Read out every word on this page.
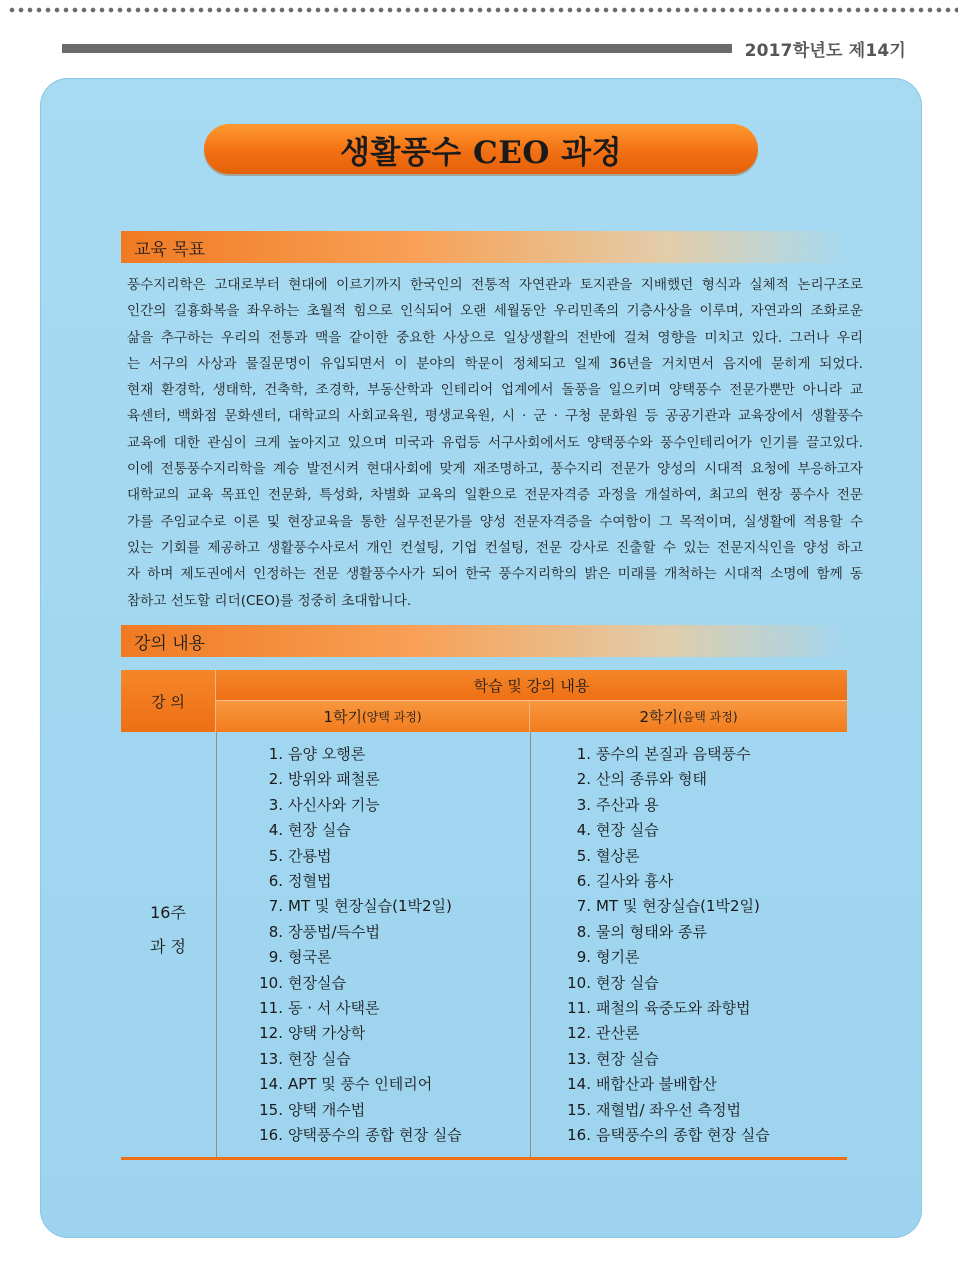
2017학년도 제14기
생활풍수 CEO 과정
교육 목표
풍수지리학은 고대로부터 현대에 이르기까지 한국인의 전통적 자연관과 토지관을 지배했던 형식과 실체적 논리구조로
인간의 길흉화복을 좌우하는 초월적 힘으로 인식되어 오랜 세월동안 우리민족의 기층사상을 이루며, 자연과의 조화로운
삶을 추구하는 우리의 전통과 맥을 같이한 중요한 사상으로 일상생활의 전반에 걸쳐 영향을 미치고 있다. 그러나 우리
는 서구의 사상과 물질문명이 유입되면서 이 분야의 학문이 정체되고 일제 36년을 거치면서 음지에 묻히게 되었다.
현재 환경학, 생태학, 건축학, 조경학, 부동산학과 인테리어 업계에서 돌풍을 일으키며 양택풍수 전문가뿐만 아니라 교
육센터, 백화점 문화센터, 대학교의 사회교육원, 평생교육원, 시 · 군 · 구청 문화원 등 공공기관과 교육장에서 생활풍수
교육에 대한 관심이 크게 높아지고 있으며 미국과 유럽등 서구사회에서도 양택풍수와 풍수인테리어가 인기를 끌고있다.
이에 전통풍수지리학을 계승 발전시켜 현대사회에 맞게 재조명하고, 풍수지리 전문가 양성의 시대적 요청에 부응하고자
대학교의 교육 목표인 전문화, 특성화, 차별화 교육의 일환으로 전문자격증 과정을 개설하여, 최고의 현장 풍수사 전문
가를 주임교수로 이론 및 현장교육을 통한 실무전문가를 양성 전문자격증을 수여함이 그 목적이며, 실생활에 적용할 수
있는 기회를 제공하고 생활풍수사로서 개인 컨설팅, 기업 컨설팅, 전문 강사로 진출할 수 있는 전문지식인을 양성 하고
자 하며 제도권에서 인정하는 전문 생활풍수사가 되어 한국 풍수지리학의 밝은 미래를 개척하는 시대적 소명에 함께 동
참하고 선도할 리더(CEO)를 정중히 초대합니다.
강의 내용
강 의
학습 및 강의 내용
1학기 (양택 과정)	2학기 (음택 과정)
16주
과 정
1. 음양 오행론
2. 방위와 패철론
3. 사신사와 기능
4. 현장 실습
5. 간룡법
6. 정혈법
7. MT 및 현장실습(1박2일)
8. 장풍법/득수법
9. 형국론
10. 현장실습
11. 동 · 서 사택론
12. 양택 가상학
13. 현장 실습
14. APT 및 풍수 인테리어
15. 양택 개수법
16. 양택풍수의 종합 현장 실습
1. 풍수의 본질과 음택풍수
2. 산의 종류와 형태
3. 주산과 용
4. 현장 실습
5. 혈상론
6. 길사와 흉사
7. MT 및 현장실습(1박2일)
8. 물의 형태와 종류
9. 형기론
10. 현장 실습
11. 패철의 육중도와 좌향법
12. 관산론
13. 현장 실습
14. 배합산과 불배합산
15. 재혈법/ 좌우선 측정법
16. 음택풍수의 종합 현장 실습
